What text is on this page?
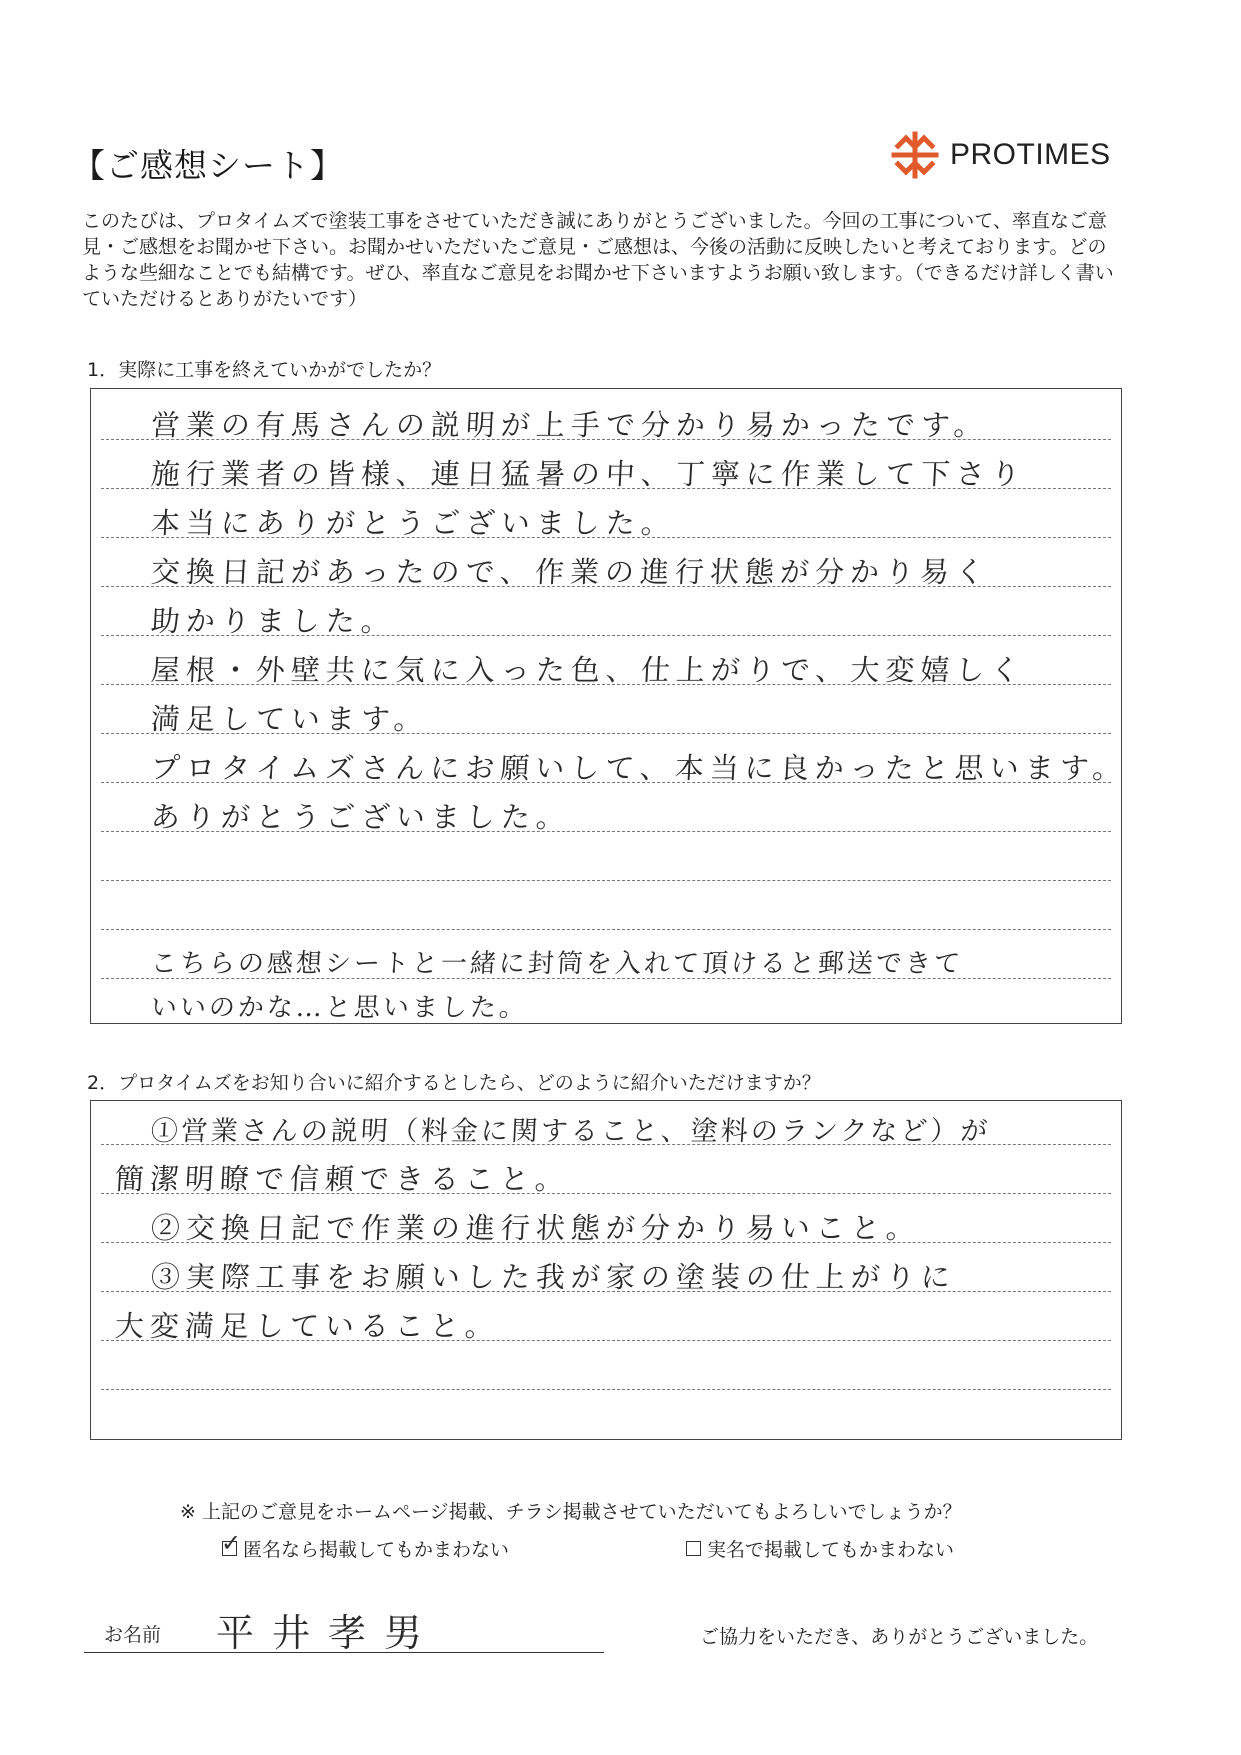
【ご感想シート】	PROTIMES
このたびは、プロタイムズで塗装工事をさせていただき誠にありがとうございました。今回の工事について、率直なご意見・ご感想をお聞かせ下さい。お聞かせいただいたご意見・ご感想は、今後の活動に反映したいと考えております。どのような些細なことでも結構です。ぜひ、率直なご意見をお聞かせ下さいますようお願い致します。（できるだけ詳しく書いていただけるとありがたいです）
1．実際に工事を終えていかがでしたか？
営業の有馬さんの説明が上手で分かり易かったです。
施行業者の皆様、連日猛暑の中、丁寧に作業して下さり
本当にありがとうございました。
交換日記があったので、作業の進行状態が分かり易く
助かりました。
屋根・外壁共に気に入った色、仕上がりで、大変嬉しく
満足しています。
プロタイムズさんにお願いして、本当に良かったと思います。
ありがとうございました。
こちらの感想シートと一緒に封筒を入れて頂けると郵送できて
いいのかな…と思いました。
2．プロタイムズをお知り合いに紹介するとしたら、どのように紹介いただけますか？
①営業さんの説明（料金に関すること、塗料のランクなど）が
簡潔明瞭で信頼できること。
②交換日記で作業の進行状態が分かり易いこと。
③実際工事をお願いした我が家の塗装の仕上がりに
大変満足していること。
※ 上記のご意見をホームページ掲載、チラシ掲載させていただいてもよろしいでしょうか？
✓ 匿名なら掲載してもかまわない	実名で掲載してもかまわない
お名前 平井孝男	ご協力をいただき、ありがとうございました。
